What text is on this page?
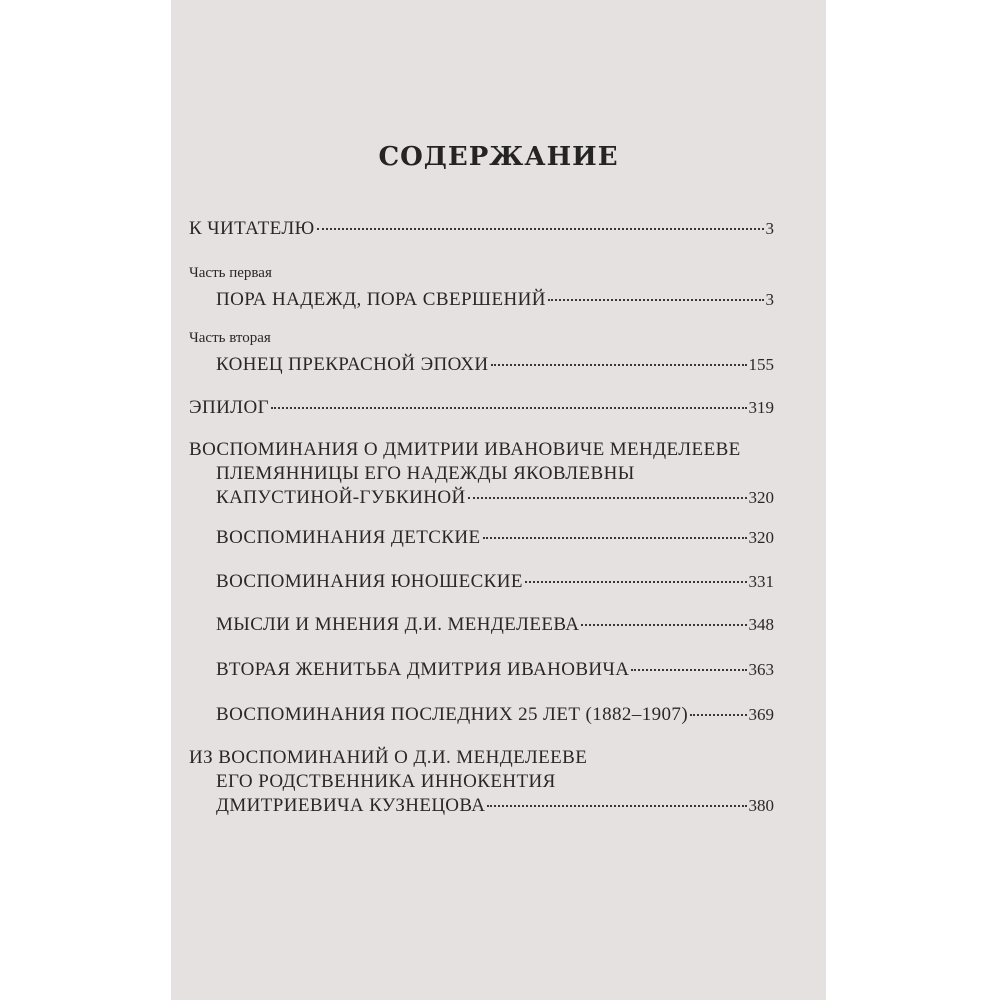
СОДЕРЖАНИЕ
К ЧИТАТЕЛЮ	3
Часть первая
ПОРА НАДЕЖД, ПОРА СВЕРШЕНИЙ	3
Часть вторая
КОНЕЦ ПРЕКРАСНОЙ ЭПОХИ	155
ЭПИЛОГ	319
ВОСПОМИНАНИЯ О ДМИТРИИ ИВАНОВИЧЕ МЕНДЕЛЕЕВЕ
ПЛЕМЯННИЦЫ ЕГО НАДЕЖДЫ ЯКОВЛЕВНЫ
КАПУСТИНОЙ-ГУБКИНОЙ	320
ВОСПОМИНАНИЯ ДЕТСКИЕ	320
ВОСПОМИНАНИЯ ЮНОШЕСКИЕ	331
МЫСЛИ И МНЕНИЯ Д.И. МЕНДЕЛЕЕВА	348
ВТОРАЯ ЖЕНИТЬБА ДМИТРИЯ ИВАНОВИЧА	363
ВОСПОМИНАНИЯ ПОСЛЕДНИХ 25 ЛЕТ (1882–1907)	369
ИЗ ВОСПОМИНАНИЙ О Д.И. МЕНДЕЛЕЕВЕ
ЕГО РОДСТВЕННИКА ИННОКЕНТИЯ
ДМИТРИЕВИЧА КУЗНЕЦОВА	380
